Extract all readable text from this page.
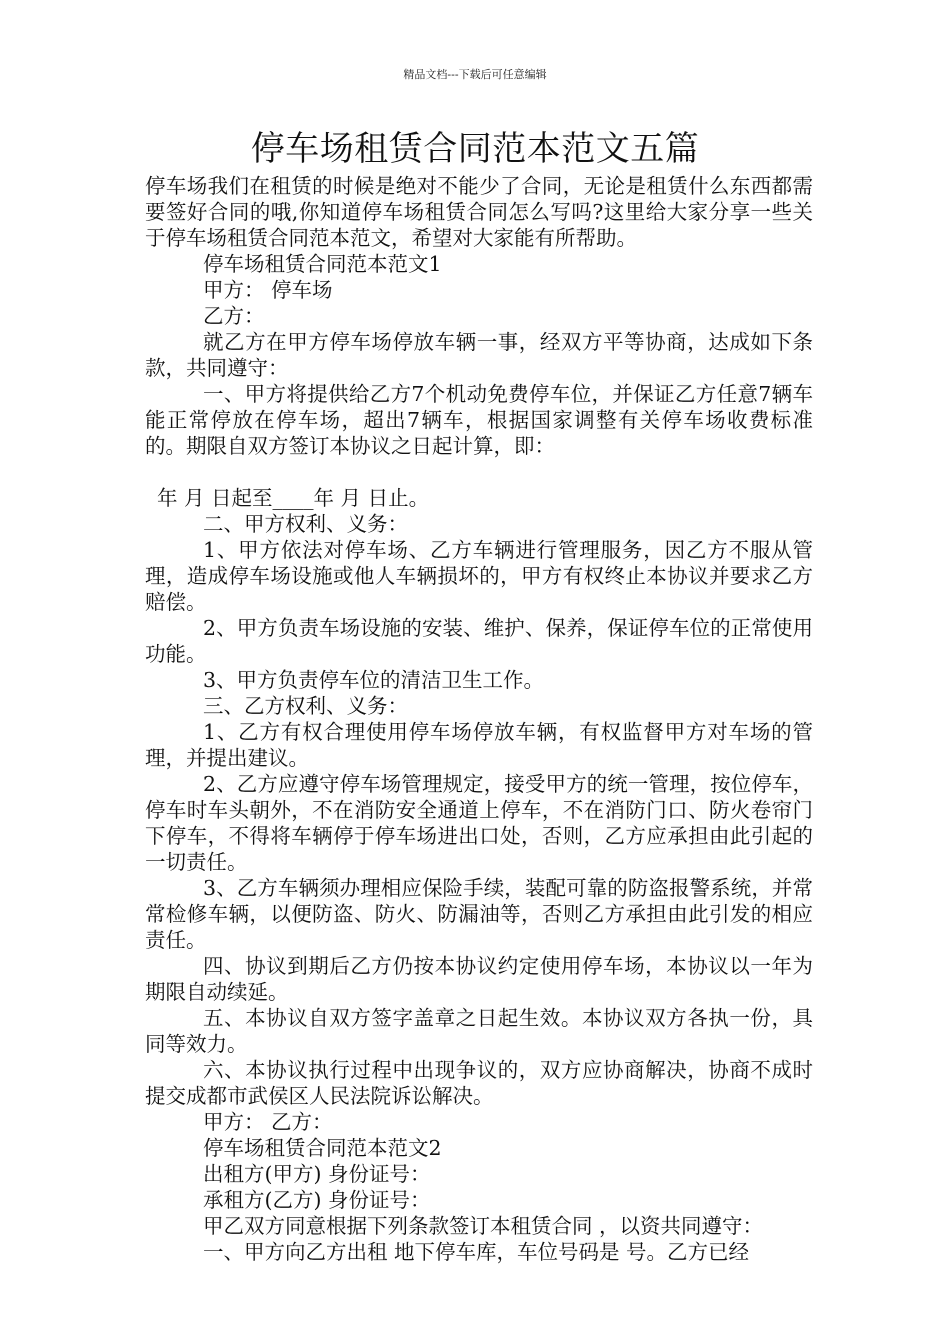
精品文档---下载后可任意编辑
停车场租赁合同范本范文五篇

停车场我们在租赁的时候是绝对不能少了合同，无论是租赁什么东西都需要签好合同的哦,你知道停车场租赁合同怎么写吗?这里给大家分享一些关于停车场租赁合同范本范文，希望对大家能有所帮助。

停车场租赁合同范本范文1

甲方： 停车场

乙方：

就乙方在甲方停车场停放车辆一事，经双方平等协商，达成如下条款，共同遵守：

一、甲方将提供给乙方7个机动免费停车位，并保证乙方任意7辆车能正常停放在停车场，超出7辆车，根据国家调整有关停车场收费标准的。期限自双方签订本协议之日起计算，即：

年 月 日起至____年 月 日止。

二、甲方权利、义务：

1、甲方依法对停车场、乙方车辆进行管理服务，因乙方不服从管理，造成停车场设施或他人车辆损坏的，甲方有权终止本协议并要求乙方赔偿。

2、甲方负责车场设施的安装、维护、保养，保证停车位的正常使用功能。

3、甲方负责停车位的清洁卫生工作。

三、乙方权利、义务：

1、乙方有权合理使用停车场停放车辆，有权监督甲方对车场的管理，并提出建议。

2、乙方应遵守停车场管理规定，接受甲方的统一管理，按位停车，停车时车头朝外，不在消防安全通道上停车，不在消防门口、防火卷帘门下停车，不得将车辆停于停车场进出口处，否则，乙方应承担由此引起的一切责任。

3、乙方车辆须办理相应保险手续，装配可靠的防盗报警系统，并常常检修车辆，以便防盗、防火、防漏油等，否则乙方承担由此引发的相应责任。

四、协议到期后乙方仍按本协议约定使用停车场，本协议以一年为期限自动续延。

五、本协议自双方签字盖章之日起生效。本协议双方各执一份，具同等效力。

六、本协议执行过程中出现争议的，双方应协商解决，协商不成时提交成都市武侯区人民法院诉讼解决。

甲方： 乙方：

停车场租赁合同范本范文2

出租方(甲方) 身份证号：

承租方(乙方) 身份证号：

甲乙双方同意根据下列条款签订本租赁合同 ，以资共同遵守：

一、甲方向乙方出租 地下停车库，车位号码是 号。乙方已经
